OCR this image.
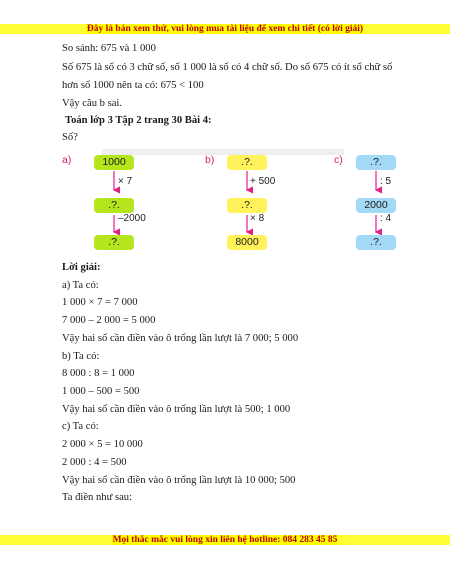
Đây là bản xem thử, vui lòng mua tài liệu để xem chi tiết (có lời giải)
So sánh: 675 và 1 000
Số 675 là số có 3 chữ số, số 1 000 là số có 4 chữ số. Do số 675 có ít số chữ số
hơn số 1000 nên ta có: 675 < 100
Vậy câu b sai.
Toán lớp 3 Tập 2 trang 30 Bài 4:
Số?
a)	1000
× 7
.?.
–2000
.?.
b)	.?.
+ 500
.?.
× 8
8000
c)	.?.
: 5
2000
: 4
.?.
Lời giải:
a) Ta có:
1 000 × 7 = 7 000
7 000 – 2 000 = 5 000
Vậy hai số cần điền vào ô trống lần lượt là 7 000; 5 000
b) Ta có:
8 000 : 8 = 1 000
1 000 – 500 = 500
Vậy hai số cần điền vào ô trống lần lượt là 500; 1 000
c) Ta có:
2 000 × 5 = 10 000
2 000 : 4 = 500
Vậy hai số cần điền vào ô trống lần lượt là 10 000; 500
Ta điền như sau:
Mọi thắc mắc vui lòng xin liên hệ hotline: 084 283 45 85
